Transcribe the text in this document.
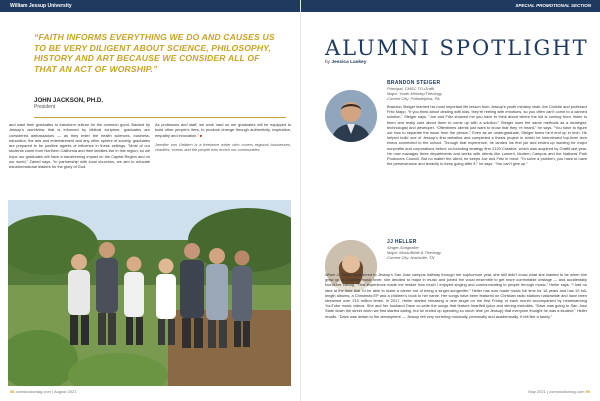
William Jessup University
“FAITH INFORMS EVERYTHING WE DO AND CAUSES US TO BE VERY DILIGENT ABOUT SCIENCE, PHILOSOPHY, HISTORY AND ART BECAUSE WE CONSIDER ALL OF THAT AN ACT OF WORSHIP.”
JOHN JACKSON, PH.D.
President
and want their graduates to transform culture for the common good. Backed by Jessup’s worldview that is informed by biblical scripture, graduates are considered ambassadors — as they enter the health sciences, business, education, the arts and entertainment and any other sphere of society, graduates are prepared to be positive agents of influence in these settings. “Most of our students come from Northern California and their families live in this region, so we hope our graduates will have a transforming impact on the Capital Region and on our world,” Zahed says. “In partnership with local churches, we aim to educate transformational leaders for the glory of God.

As professors and staff, we work hard so our graduates will be equipped to build other people’s lives, to produce change through authenticity, inspiration, empathy and innovation.” ■

Jennifer von Geldern is a freelance writer who covers regional businesses, charities, events and the people who enrich our communities.

98 comstocksmag.com | August 2021
SPECIAL PROMOTIONAL SECTION
ALUMNI SPOTLIGHT
by Jessica Laskey
BRANDON STEIGER
Principal, CMSC TO-Graffi
Major: Youth Ministry/Theology
Current City: Philadelphia, PA
Brandon Steiger learned his most important life lesson from Jessup’s youth ministry chair Joe Christie and professor Fritz Mapp. “If you think about dealing with kids, they’re reeling with emotions, so you often can’t come to a canned solution,” Steiger says. “Joe and Fritz showed me you have to think about where the kid is coming from, listen to them and really care about them to come up with a solution.” Steiger uses the same methods as a strategist, technologist and developer. “Oftentimes clients just want to know that they ‘re heard,” he says. “You have to figure out how to separate the issue from the person.” Even as an undergraduate, Steiger knew he’d end up in tech. He helped build one of Jessup’s first websites and completed a thesis project in which he interviewed top-level tech execs connected to the school. Through that experience, he landed his first job and ended up working for major nonprofits and corporations before co-founding strategy firm 2120 Creative, which was acquired by Graffit last year. He now manages three departments and works with clients like Lument, Modern Campus and the National Park Producers Council. But no matter the client, he keeps Joe and Fritz in mind. “To solve a problem, you have to have the perseverance and tenacity to keep going after it,” he says. “You can’t give up.”
JJ HELLER
Singer-Songwriter
Major: Music/Bible & Theology
Current City: Nashville, TN
When JJ Heller transferred to Jessup’s San Jose campus halfway through her sophomore year, she still didn’t know what she wanted to be when she grew up. A longtime music lover, she decided to major in music and joined the vocal ensemble to get more comfortable onstage — and accidentally found her calling. “That experience made me realize how much I enjoyed singing and communicating to people through music,” Heller says. “I had no idea at the time that I’d be able to make a career out of being a singer-songwriter.” Heller has now made music full time for 18 years and has 10 full-length albums, a Christmas EP and a children’s book to her name. Her songs have been featured on Christian radio stations nationwide and have been streamed over 210 million times. In 2017, Heller started releasing a new single on the first Friday of each month accompanied by heartwarming YouTube music videos. She and her husband Dave co-write the songs that feature heartfelt lyrics and stirring melodies. “Dave was going to San Jose State down the street when we first started dating, but he ended up spending so much time (at Jessup) that everyone thought he was a student,” Heller recalls. “Dave was drawn to the atmosphere — Jessup felt very nurturing musically, personally and academically. It felt like a family.”
May 2021 | comstocksmag.com 99
